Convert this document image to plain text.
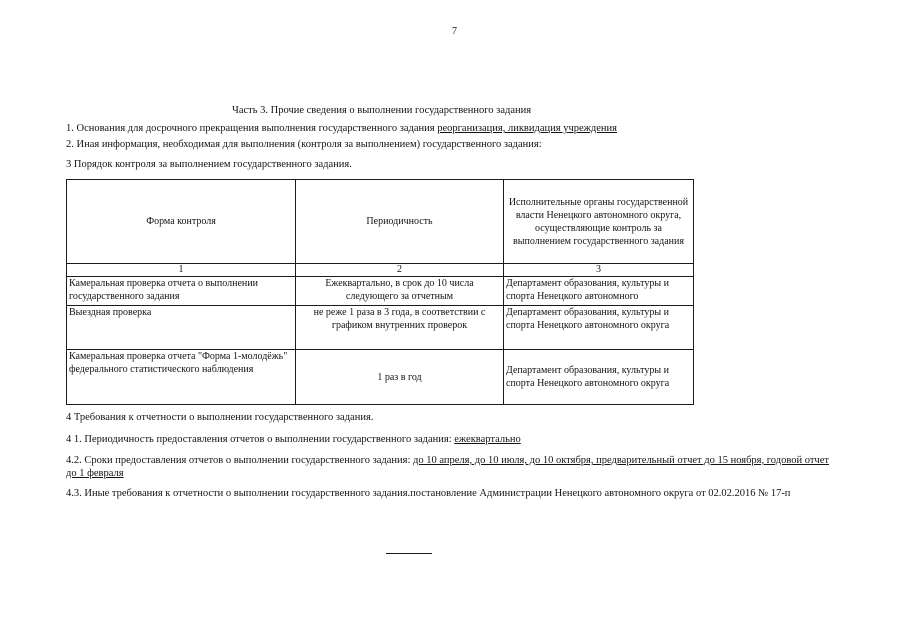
7
Часть 3. Прочие сведения о выполнении государственного задания
1. Основания для досрочного прекращения выполнения государственного задания реорганизация, ликвидация учреждения
2. Иная информация, необходимая для выполнения (контроля за выполнением) государственного задания:
3 Порядок контроля за выполнением государственного задания.
Форма контроля	Периодичность	Исполнительные органы государственной власти Ненецкого автономного округа, осуществляющие контроль за выполнением государственного задания
1	2	3
Камеральная проверка отчета о выполнении государственного задания	Ежеквартально, в срок до 10 числа следующего за отчетным	Департамент образования, культуры и спорта Ненецкого автономного
Выездная проверка	не реже 1 раза в 3 года, в соответствии с графиком внутренних проверок	Департамент образования, культуры и спорта Ненецкого автономного округа
Камеральная проверка отчета "Форма 1-молодёжь" федерального статистического наблюдения	1 раз в год	Департамент образования, культуры и спорта Ненецкого автономного округа
4 Требования к отчетности о выполнении государственного задания.
4 1. Периодичность предоставления отчетов о выполнении государственного задания: ежеквартально
4.2. Сроки предоставления отчетов о выполнении государственного задания: до 10 апреля, до 10 июля, до 10 октября, предварительный отчет до 15 ноября, годовой отчет до 1 февраля
4.3. Иные требования к отчетности о выполнении государственного задания.постановление Администрации Ненецкого автономного округа от 02.02.2016 № 17-п
